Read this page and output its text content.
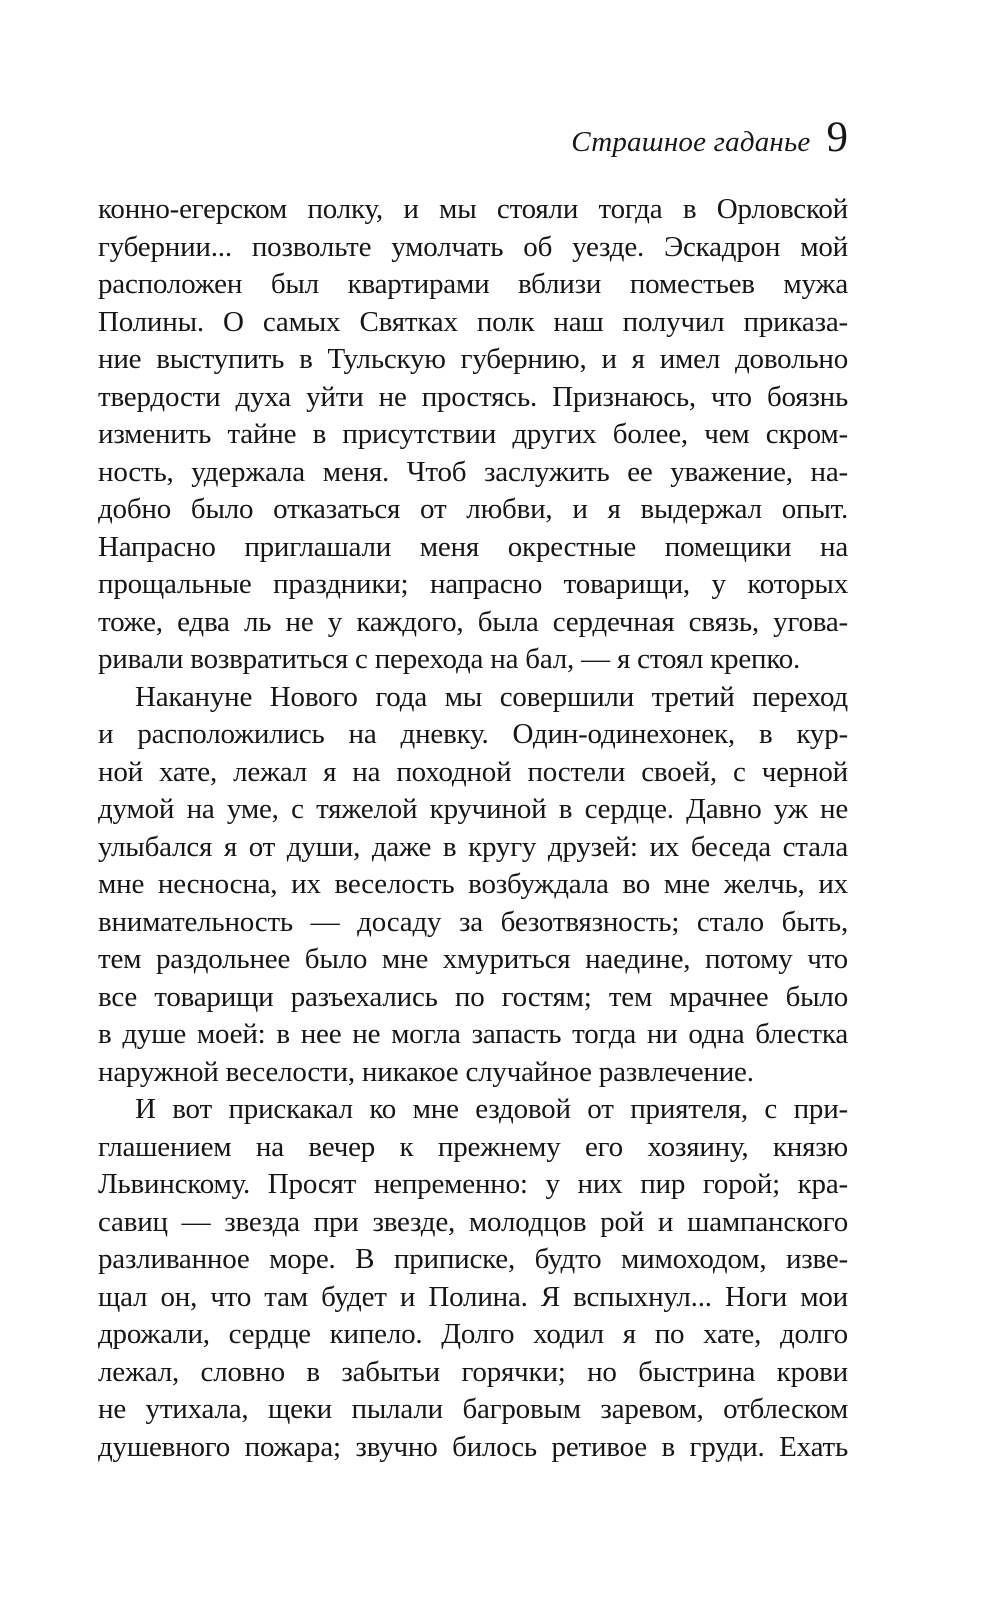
Страшное гаданье 9
конно-егерском полку, и мы стояли тогда в Орловской
губернии... позвольте умолчать об уезде. Эскадрон мой
расположен был квартирами вблизи поместьев мужа
Полины. О самых Святках полк наш получил приказа-
ние выступить в Тульскую губернию, и я имел довольно
твердости духа уйти не простясь. Признаюсь, что боязнь
изменить тайне в присутствии других более, чем скром-
ность, удержала меня. Чтоб заслужить ее уважение, на-
добно было отказаться от любви, и я выдержал опыт.
Напрасно приглашали меня окрестные помещики на
прощальные праздники; напрасно товарищи, у которых
тоже, едва ль не у каждого, была сердечная связь, угова-
ривали возвратиться с перехода на бал, — я стоял крепко.
Накануне Нового года мы совершили третий переход
и расположились на дневку. Один-одинехонек, в кур-
ной хате, лежал я на походной постели своей, с черной
думой на уме, с тяжелой кручиной в сердце. Давно уж не
улыбался я от души, даже в кругу друзей: их беседа стала
мне несносна, их веселость возбуждала во мне желчь, их
внимательность — досаду за безотвязность; стало быть,
тем раздольнее было мне хмуриться наедине, потому что
все товарищи разъехались по гостям; тем мрачнее было
в душе моей: в нее не могла запасть тогда ни одна блестка
наружной веселости, никакое случайное развлечение.
И вот прискакал ко мне ездовой от приятеля, с при-
глашением на вечер к прежнему его хозяину, князю
Львинскому. Просят непременно: у них пир горой; кра-
савиц — звезда при звезде, молодцов рой и шампанского
разливанное море. В приписке, будто мимоходом, изве-
щал он, что там будет и Полина. Я вспыхнул... Ноги мои
дрожали, сердце кипело. Долго ходил я по хате, долго
лежал, словно в забытьи горячки; но быстрина крови
не утихала, щеки пылали багровым заревом, отблеском
душевного пожара; звучно билось ретивое в груди. Ехать
